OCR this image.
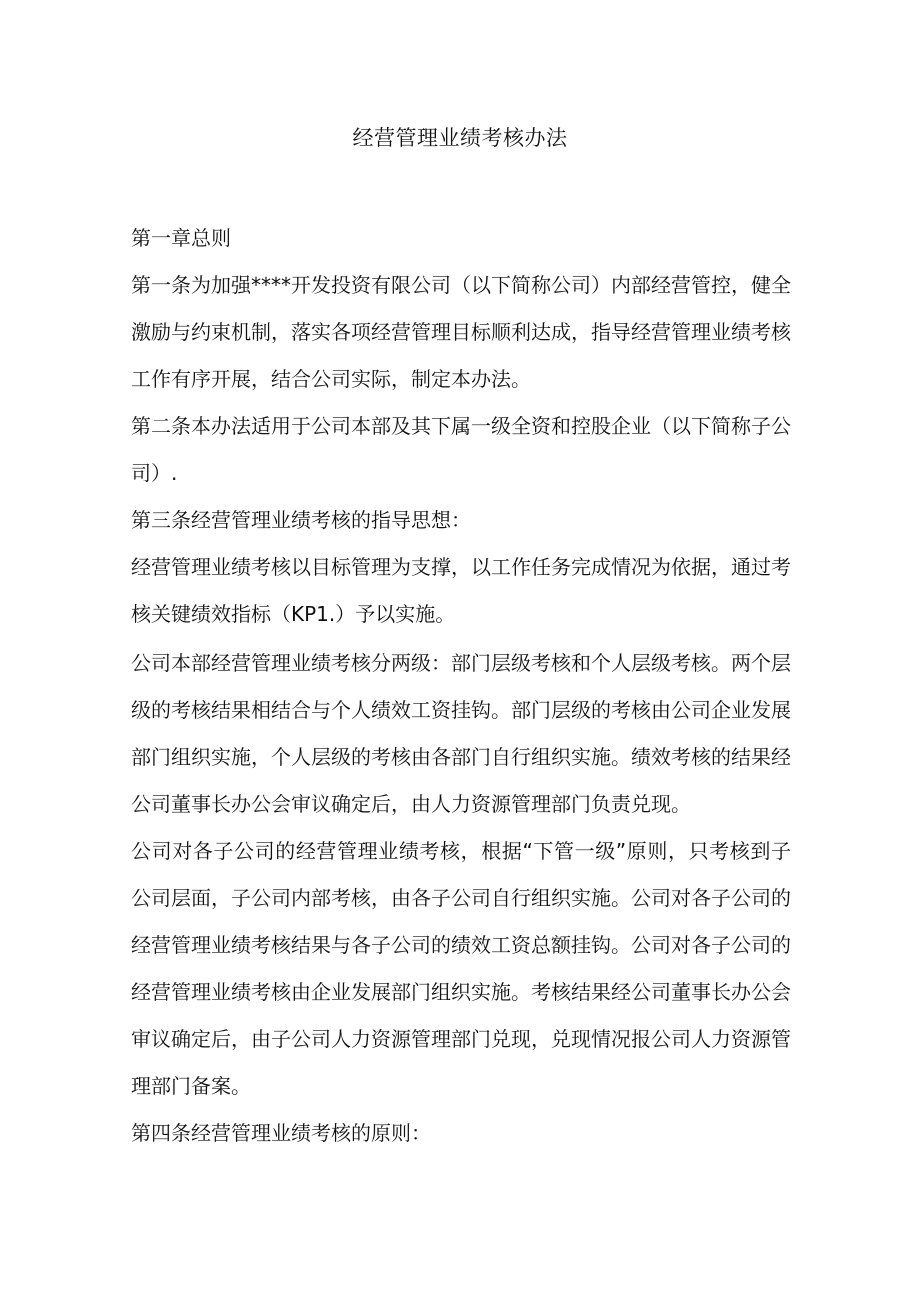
经营管理业绩考核办法

第一章总则

第一条为加强****开发投资有限公司（以下简称公司）内部经营管控，健全激励与约束机制，落实各项经营管理目标顺利达成，指导经营管理业绩考核工作有序开展，结合公司实际，制定本办法。

第二条本办法适用于公司本部及其下属一级全资和控股企业（以下简称子公司）.

第三条经营管理业绩考核的指导思想：

经营管理业绩考核以目标管理为支撑，以工作任务完成情况为依据，通过考核关键绩效指标（KP1.）予以实施。

公司本部经营管理业绩考核分两级：部门层级考核和个人层级考核。两个层级的考核结果相结合与个人绩效工资挂钩。部门层级的考核由公司企业发展部门组织实施，个人层级的考核由各部门自行组织实施。绩效考核的结果经公司董事长办公会审议确定后，由人力资源管理部门负责兑现。

公司对各子公司的经营管理业绩考核，根据“下管一级”原则，只考核到子公司层面，子公司内部考核，由各子公司自行组织实施。公司对各子公司的经营管理业绩考核结果与各子公司的绩效工资总额挂钩。公司对各子公司的经营管理业绩考核由企业发展部门组织实施。考核结果经公司董事长办公会审议确定后，由子公司人力资源管理部门兑现，兑现情况报公司人力资源管理部门备案。

第四条经营管理业绩考核的原则：
